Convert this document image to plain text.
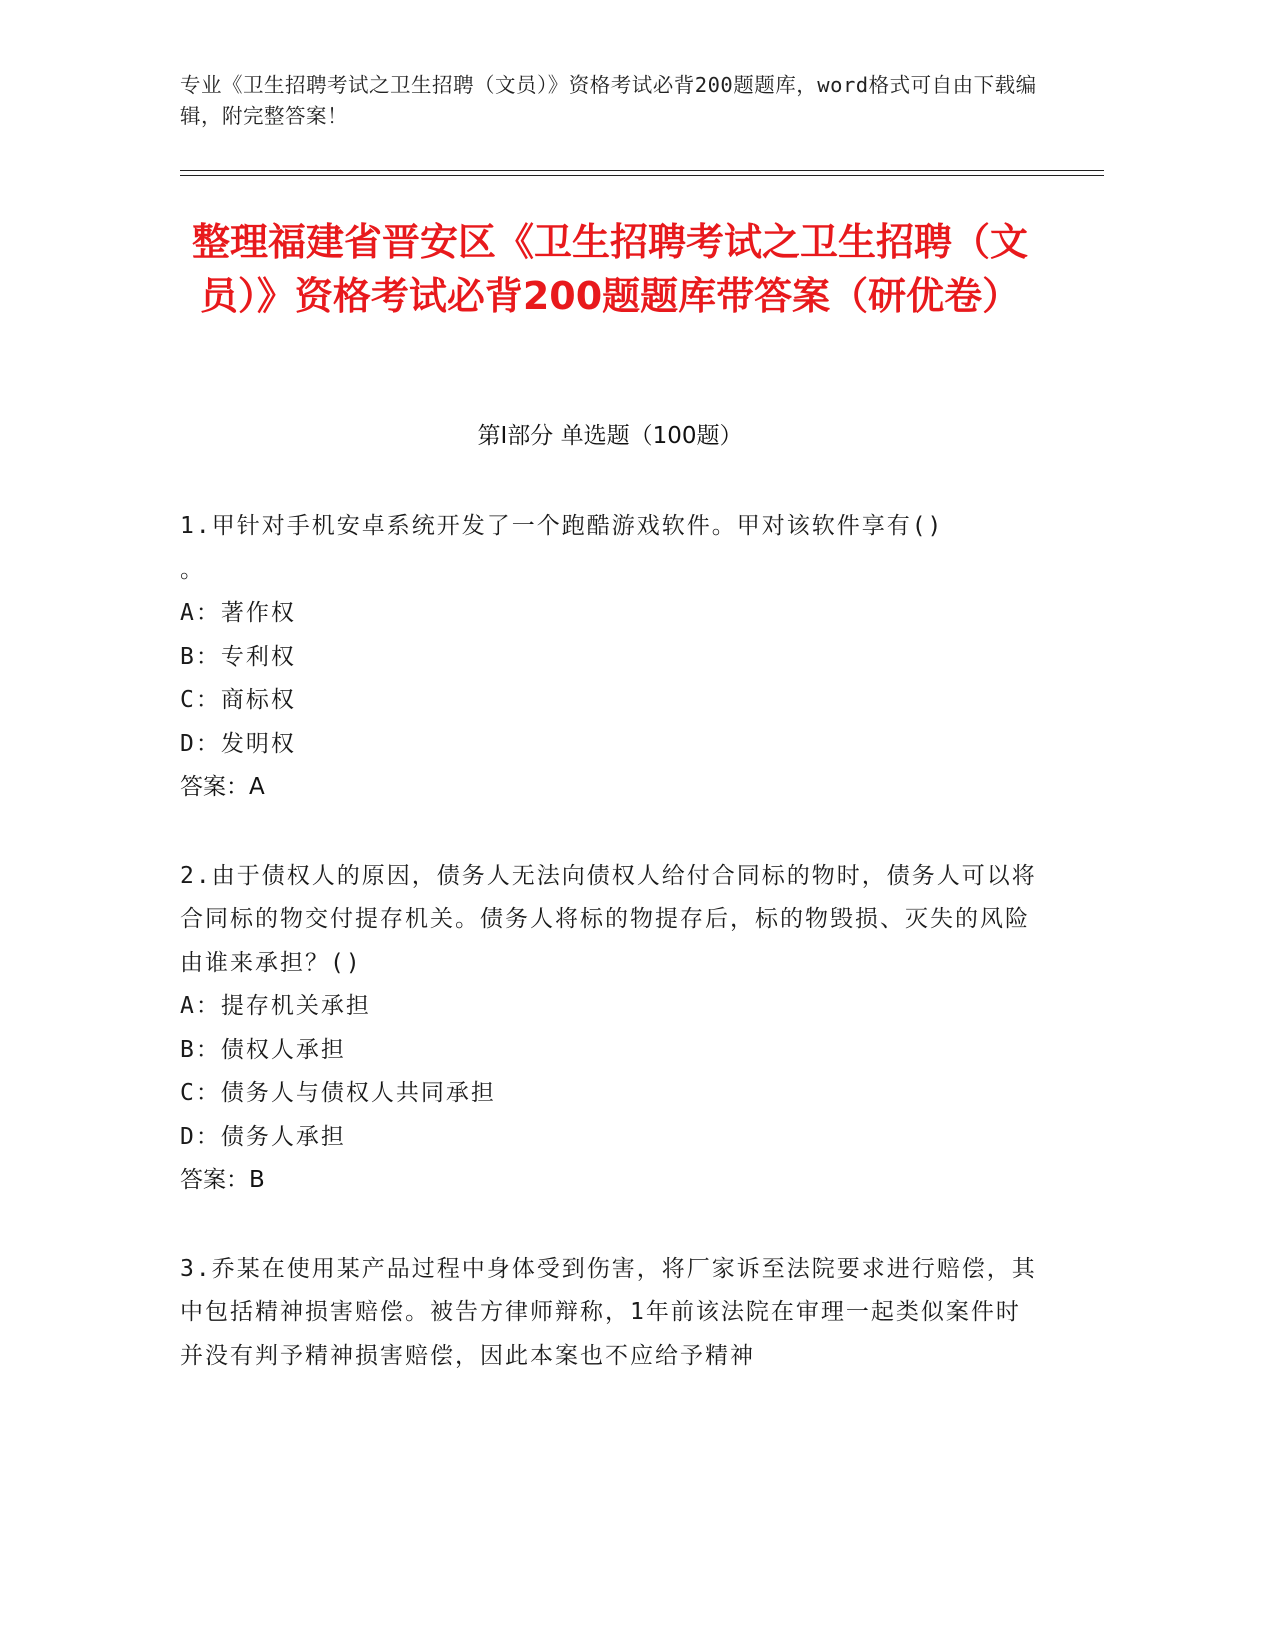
专业《卫生招聘考试之卫生招聘（文员）》资格考试必背200题题库，word格式可自由下载编辑，附完整答案！
整理福建省晋安区《卫生招聘考试之卫生招聘（文员）》资格考试必背200题题库带答案（研优卷）
第I部分 单选题（100题）

1.甲针对手机安卓系统开发了一个跑酷游戏软件。甲对该软件享有()
。

A：著作权

B：专利权

C：商标权

D：发明权

答案：A

2.由于债权人的原因，债务人无法向债权人给付合同标的物时，债务人可以将合同标的物交付提存机关。债务人将标的物提存后，标的物毁损、灭失的风险由谁来承担？()

A：提存机关承担

B：债权人承担

C：债务人与债权人共同承担

D：债务人承担

答案：B

3.乔某在使用某产品过程中身体受到伤害，将厂家诉至法院要求进行赔偿，其中包括精神损害赔偿。被告方律师辩称，1年前该法院在审理一起类似案件时并没有判予精神损害赔偿，因此本案也不应给予精神
